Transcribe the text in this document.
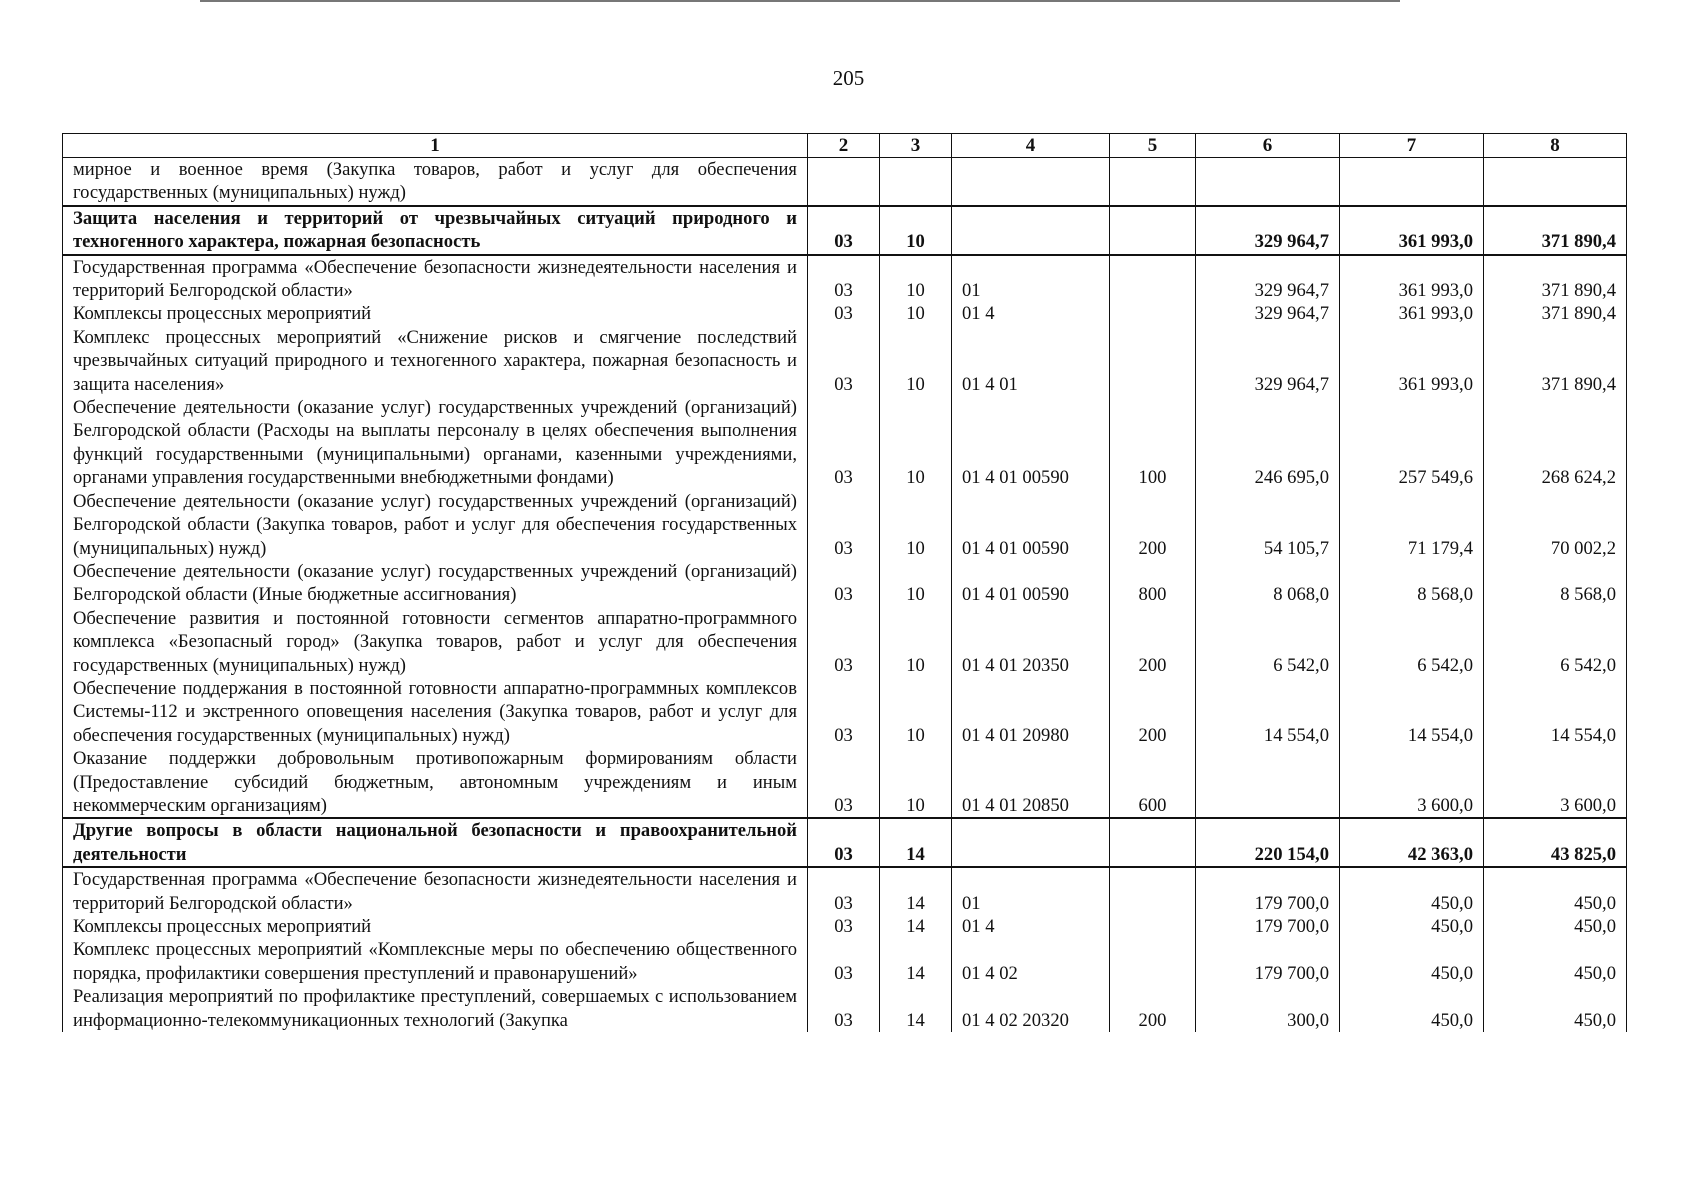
205
1	2	3	4	5	6	7	8
мирное и военное время (Закупка товаров, работ и услуг для обеспечения государственных (муниципальных) нужд)							
Защита населения и территорий от чрезвычайных ситуаций природного и техногенного характера, пожарная безопасность	03	10			329 964,7	361 993,0	371 890,4
Государственная программа «Обеспечение безопасности жизнедеятельности населения и территорий Белгородской области»	03	10	01		329 964,7	361 993,0	371 890,4
Комплексы процессных мероприятий	03	10	01 4		329 964,7	361 993,0	371 890,4
Комплекс процессных мероприятий «Снижение рисков и смягчение последствий чрезвычайных ситуаций природного и техногенного характера, пожарная безопасность и защита населения»	03	10	01 4 01		329 964,7	361 993,0	371 890,4
Обеспечение деятельности (оказание услуг) государственных учреждений (организаций) Белгородской области (Расходы на выплаты персоналу в целях обеспечения выполнения функций государственными (муниципальными) органами, казенными учреждениями, органами управления государственными внебюджетными фондами)	03	10	01 4 01 00590	100	246 695,0	257 549,6	268 624,2
Обеспечение деятельности (оказание услуг) государственных учреждений (организаций) Белгородской области (Закупка товаров, работ и услуг для обеспечения государственных (муниципальных) нужд)	03	10	01 4 01 00590	200	54 105,7	71 179,4	70 002,2
Обеспечение деятельности (оказание услуг) государственных учреждений (организаций) Белгородской области (Иные бюджетные ассигнования)	03	10	01 4 01 00590	800	8 068,0	8 568,0	8 568,0
Обеспечение развития и постоянной готовности сегментов аппаратно-программного комплекса «Безопасный город» (Закупка товаров, работ и услуг для обеспечения государственных (муниципальных) нужд)	03	10	01 4 01 20350	200	6 542,0	6 542,0	6 542,0
Обеспечение поддержания в постоянной готовности аппаратно-программных комплексов Системы-112 и экстренного оповещения населения (Закупка товаров, работ и услуг для обеспечения государственных (муниципальных) нужд)	03	10	01 4 01 20980	200	14 554,0	14 554,0	14 554,0
Оказание поддержки добровольным противопожарным формированиям области (Предоставление субсидий бюджетным, автономным учреждениям и иным некоммерческим организациям)	03	10	01 4 01 20850	600		3 600,0	3 600,0
Другие вопросы в области национальной безопасности и правоохранительной деятельности	03	14			220 154,0	42 363,0	43 825,0
Государственная программа «Обеспечение безопасности жизнедеятельности населения и территорий Белгородской области»	03	14	01		179 700,0	450,0	450,0
Комплексы процессных мероприятий	03	14	01 4		179 700,0	450,0	450,0
Комплекс процессных мероприятий «Комплексные меры по обеспечению общественного порядка, профилактики совершения преступлений и правонарушений»	03	14	01 4 02		179 700,0	450,0	450,0
Реализация мероприятий по профилактике преступлений, совершаемых с использованием информационно-телекоммуникационных технологий (Закупка	03	14	01 4 02 20320	200	300,0	450,0	450,0
